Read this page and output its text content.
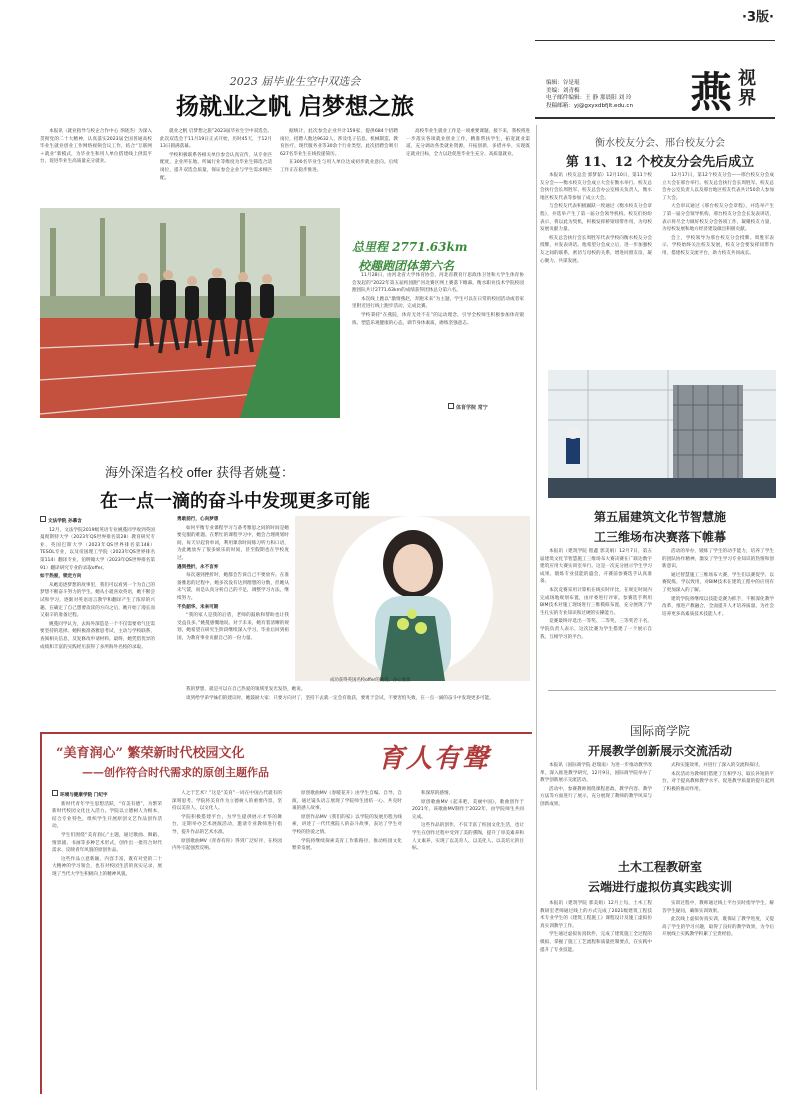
·3版·
编辑：谷是琨
美编：刘青梅
电子邮件编辑：王 静 那晨阳 刘 玲
投稿邮箱：yj@gxyxdbfjlt.edu.cn	燕 视
界
2023 届毕业生空中双选会
扬就业之帆 启梦想之旅

本报讯（就业指导与校企合作中心 李晓杰）为深入贯彻党的二十大精神，认真落实2023届全国普通高校毕业生就业创业工作网络视频会议工作，结合“互联网＋就业”新模式，为毕业生和用人单位搭建线上供需平台，促进毕业生高质量充分就业。

就业之帆 启梦想之旅”2023届毕业生空中双选会。此次双选会于11月19日正式开始，历时45天，于12月13日圆满落幕。

学校积极联系各相关单位参会认真宣传，从专业匹配度、企业所在地、所属行业等维度为毕业生筛选合适岗位，提升双选会质量，保证参会企业与学生需求相匹配。

据统计，此次参会企业共计159家，提供684个招聘岗位，招聘人数达9632人，涉及电子信息、机械制造、教育医疗、现代服务业等30余个行业类型。此次招聘会吸引627名毕业生在线投递简历。

在300名毕业生与用人单位达成初步就业意向。后续工作正在稳步推进。

高校毕业生就业工作是一项重要课题，接下来，我校将进一步落实各项就业创业工作，精准帮扶学生，拓宽就业渠道，充分调动各类就业资源，开拓创新，多措并举，实现既定就业目标，全力以赴促进毕业生充分、高质量就业。

总里程 2771.63km
校趣跑团体第六名

11月28日，由河北省大学体育协会、河北省教育厅思政体卫处和大学生体育协会发起的“2022年第五届校园跑”河北赛区网上赛落下帷幕。衡水职业技术学院校园跑团队共计2771.63km的成绩获得团体总分第六名。

本次线上跑以“激情燕赵，奔跑未来”为主题，学生可以在日常的校园活动或者家里附近进行线上跑步活动，完成比赛。

学校秉持“在燕院，体育无处不在”的运动理念，引导全校师生积极参加体育锻炼，塑造乐观健康的心态，调节身体素质，磨练坚强意志。

体育学院 常宁
海外深造名校 offer 获得者姚蔓：
在一点一滴的奋斗中发现更多可能

文法学院 孙慕含

12月，文法学院2019级英语专业姚蔓同学收到英国曼彻斯特大学（2023年QS世界排名第28）教育研究专业，英国巴斯大学（2023年QS世界排名第148）TESOL专业，以及帝国理工学院（2023年QS世界排名第114）翻译专业、伯明翰大学（2023年QS世界排名第91）翻译研究专业的录取offer。

如于热爱，锁定方向

从她追逐梦想的故事里，我们可以看到一个为自己的梦想不断奋斗努力的学生。她从小就喜欢英语，她不断尝试和学习，逐渐对英语语言教学和翻译产生了浓厚的兴趣。在确定了自己想要攻读的方向之后，她开始了漫长而又艰辛的准备过程。

姚蔓同学认为，去海外深造是一个不仅需要勇气还需要坚持的选择。她积极准备雅思考试，主动与学校联系，查阅相关信息，反复修改申请材料。最终，她凭借优异的成绩和丰富的实践经历获得了多所海外名校的录取。

勇敢前行，心向梦想

如何平衡专业课程学习与备考雅思之间的时间是她要克服的难题。在繁忙的课程学习中，她会合理规划时间，每天早起背单词，利用课余时间练习听力和口语，为此她放弃了很多娱乐的时间，甚至假期也在学校度过。

遇到挫折，永不言弃

每次遇到挫折时，她都会告诉自己不要放弃。在准备雅思的过程中，她多次没有达到理想的分数，但她从未气馁，而是认真分析自己的不足，调整学习方法，继续努力。

不负韶华，未来可期

“我的家人是我的后盾，老师的鼓励和帮助也让我受益良多。”姚蔓感慨地说。对于未来，她有着清晰的规划，她希望在研究生阶段继续深入学习，毕业后回到祖国，为教育事业贡献自己的一份力量。

我的梦想，就是可以在自己热爱的领域里发光发热，她说。

谈到给学弟学妹们的建议时，她鼓励大家：只要方向对了，坚持下去就一定会有收获，要勇于尝试，不要害怕失败，在一点一滴的奋斗中发现更多可能。

成功获得英国名校offer的姚蔓。孙心雅摄
衡水校友分会、邢台校友分会
第 11、12 个校友分会先后成立

本报讯（校友总会 郭梦茹）12月10日，第11个校友分会——衡水校友分会成立大会在衡水举行。校友总会执行会长周胜军、校友总会办公室相关负责人，衡水地区校友代表等参加了成立大会。

与会校友代表积极踊跃一致通过《衡水校友分会章程》，并选举产生了第一届分会领导机构。校友们纷纷表示，将以此为契机，积极发挥桥梁纽带作用，为母校发展贡献力量。

校友总会执行会长周胜军代表学校向衡水校友分会授牌，并发表讲话。他希望分会成立后，进一步加强校友之间的联系，密切与母校的关系，增进同窗友谊，凝心聚力、共谋发展。

12月17日，第12个校友分会——邢台校友分会成立大会在邢台举行。校友总会执行会长周胜军、校友总会办公室负责人以及邢台地区校友代表共计50余人参加了大会。

大会审议通过《邢台校友分会章程》，并选举产生了第一届分会领导机构。邢台校友分会会长发表讲话，表示将尽全力做好校友分会各项工作，凝聚校友力量，为母校发展和地方经济建设做出积极贡献。

会上，学校领导为邢台校友分会授牌。周胜军表示，学校始终关注校友发展，校友分会要发挥纽带作用，搭建校友交流平台，助力校友共同成长。

第五届建筑文化节智慧施
工三维场布决赛落下帷幕

本报讯（建筑学院 程鑫 郭美娟）12月7日，第五届建筑文化节智慧施工三维场布大赛决赛在广联达数字建筑应用大赛实训室举行。这是一次充分展示学生学习成果、锻炼专业技能的盛会，开赛前参赛选手认真准备。

本次竞赛采用计算机在线实时评比，在规定时间内完成场地规划布置，由评委进行评审。参赛选手利用BIM技术对施工现场进行三维模拟布置，充分展现了学生扎实的专业知识和过硬的实操能力。

竞赛最终评选出一等奖、二等奖、三等奖若干名。学院负责人表示，这次比赛为学生搭建了一个展示自我、互相学习的平台。

活动的举办，锻炼了学生的动手能力，培养了学生的团队协作精神，激发了学生学习专业知识的热情和创新意识。

通过智慧施工三维场布大赛，学生们以赛促学、以赛促练，学以致用，对BIM技术在建筑工程中的应用有了更加深入的了解。

建筑学院将继续以技能竞赛为抓手，不断深化教学改革，推进产教融合，全面提升人才培养质量，为社会培养更多高素质技术技能人才。

国际商学院
开展教学创新展示交流活动

本报讯（国际商学院 赵瑞南）为进一步推动教学改革，深入推进教学研究，12月9日，国际商学院举办了教学创新展示交流活动。

活动中，参赛教师围绕课程思政、教学内容、教学方法等方面进行了展示，充分展现了教师的教学风采与创新成果。

式和实施效果，并进行了深入的交流和探讨。

本次活动为教师们搭建了互相学习、取长补短的平台，对于提高教师教学水平、促进教学质量的提升起到了积极的推动作用。

土木工程教研室
云端进行虚拟仿真实践实训

本报讯（建筑学院 郭美娟）12月上旬，土木工程教研室老师通过线上的方式完成了2021级建筑工程技术专业学生的《建筑工程施工》课程设计及施工虚拟仿真实训教学工作。

学生通过虚拟仿真软件，完成了建筑施工全过程的模拟，掌握了施工工艺流程和质量控制要点，在实践中提升了专业技能。

实训过程中，教师通过线上平台实时指导学生，解答学生疑问，确保实训效果。

此次线上虚拟仿真实训，既保证了教学进度，又提高了学生的学习兴趣，取得了良好的教学效果，为今后开展线上实践教学积累了宝贵经验。

“美育润心” 繁荣新时代校园文化
——创作符合时代需求的原创主题作品	育人有聲

环境与健康学院 门纪宇

新时代青年学生思想活跃，“有美有德”，为繁荣新时代校园文化注入活力。学院以立德树人为根本，结合专业特色，组织学生开展原创文艺作品创作活动。

学生们围绕“美育润心”主题，通过歌曲、舞蹈、情景剧、书画等多种艺术形式，创作出一批符合时代需求、反映青年风貌的原创作品。

这些作品立意新颖，内容丰富，既有对党的二十大精神的学习领会，也有对校园生活的真实记录，展现了当代大学生积极向上的精神风貌。

人之于艺术？”这是“美育”一词在中国古代就有的深刻思考。学院将美育作为立德树人的重要内容，坚持以美育人、以文化人。

学院积极搭建平台，为学生提供展示才华的舞台，定期举办艺术展演活动，邀请专业教师进行指导，提升作品的艺术水准。

原创歌曲MV《青春有你》得到广泛好评，在校园内外引起强烈反响。

原创歌曲MV《春暖花开》由学生自编、自导、自演，通过镜头语言展现了学院师生团结一心、共克时艰的感人故事。

原创作品MV《我们的家》以学院的发展历程为线索，讲述了一代代燕院人的奋斗故事，表达了学生对学校的热爱之情。

学院将继续探索美育工作新路径，推动校园文化繁荣发展。

和深厚的感情。

原创歌曲MV《起来吧，美丽中国》，歌曲创作于2021年，该歌曲MV制作于2022年，由学院师生共同完成。

这些作品的创作，不仅丰富了校园文化生活，也让学生在创作过程中受到了美的熏陶，提升了审美素养和人文素养，实现了以美育人、以美化人、以美培元的目标。
